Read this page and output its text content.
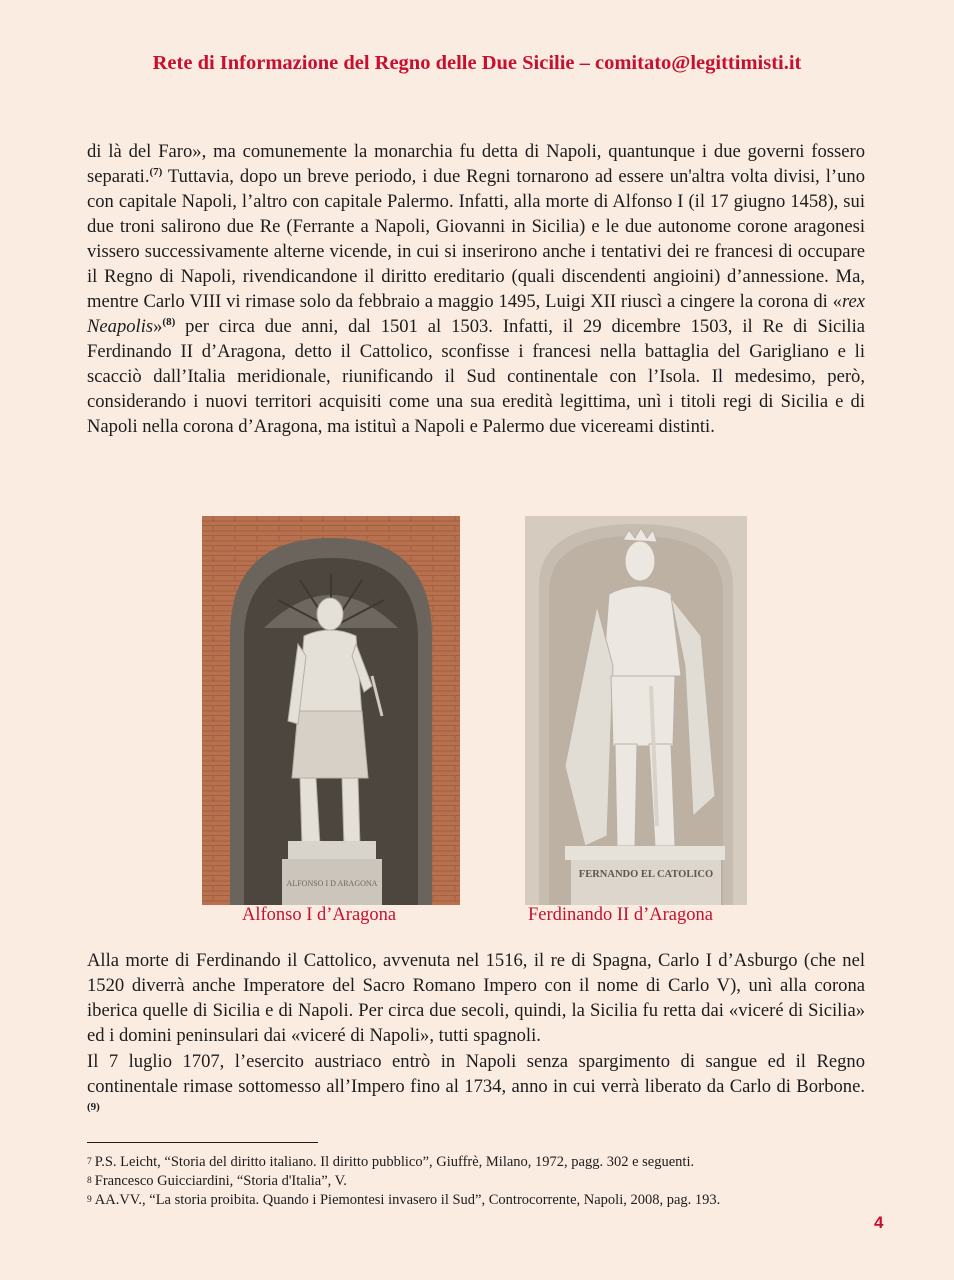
Rete di Informazione del Regno delle Due Sicilie – comitato@legittimisti.it

di là del Faro», ma comunemente la monarchia fu detta di Napoli, quantunque i due governi fossero separati.$^{(7)}$ Tuttavia, dopo un breve periodo, i due Regni tornarono ad essere un'altra volta divisi, l’uno con capitale Napoli, l’altro con capitale Palermo. Infatti, alla morte di Alfonso I (il 17 giugno 1458), sui due troni salirono due Re (Ferrante a Napoli, Giovanni in Sicilia) e le due autonome corone aragonesi vissero successivamente alterne vicende, in cui si inserirono anche i tentativi dei re francesi di occupare il Regno di Napoli, rivendicandone il diritto ereditario (quali discendenti angioini) d’annessione. Ma, mentre Carlo VIII vi rimase solo da febbraio a maggio 1495, Luigi XII riuscì a cingere la corona di «rex Neapolis»$^{(8)}$ per circa due anni, dal 1501 al 1503. Infatti, il 29 dicembre 1503, il Re di Sicilia Ferdinando II d’Aragona, detto il Cattolico, sconfisse i francesi nella battaglia del Garigliano e li scacciò dall’Italia meridionale, riunificando il Sud continentale con l’Isola. Il medesimo, però, considerando i nuovi territori acquisiti come una sua eredità legittima, unì i titoli regi di Sicilia e di Napoli nella corona d’Aragona, ma istituì a Napoli e Palermo due vicereami distinti.

ALFONSO I D ARAGONA
FERNANDO EL CATOLICO
Alfonso I d’Aragona	Ferdinando II d’Aragona

Alla morte di Ferdinando il Cattolico, avvenuta nel 1516, il re di Spagna, Carlo I d’Asburgo (che nel 1520 diverrà anche Imperatore del Sacro Romano Impero con il nome di Carlo V), unì alla corona iberica quelle di Sicilia e di Napoli. Per circa due secoli, quindi, la Sicilia fu retta dai «viceré di Sicilia» ed i domini peninsulari dai «viceré di Napoli», tutti spagnoli.

Il 7 luglio 1707, l’esercito austriaco entrò in Napoli senza spargimento di sangue ed il Regno continentale rimase sottomesso all’Impero fino al 1734, anno in cui verrà liberato da Carlo di Borbone.$^{(9)}$

7 P.S. Leicht, “Storia del diritto italiano. Il diritto pubblico”, Giuffrè, Milano, 1972, pagg. 302 e seguenti.
8 Francesco Guicciardini, “Storia d'Italia”, V.
9 AA.VV., “La storia proibita. Quando i Piemontesi invasero il Sud”, Controcorrente, Napoli, 2008, pag. 193.
4
